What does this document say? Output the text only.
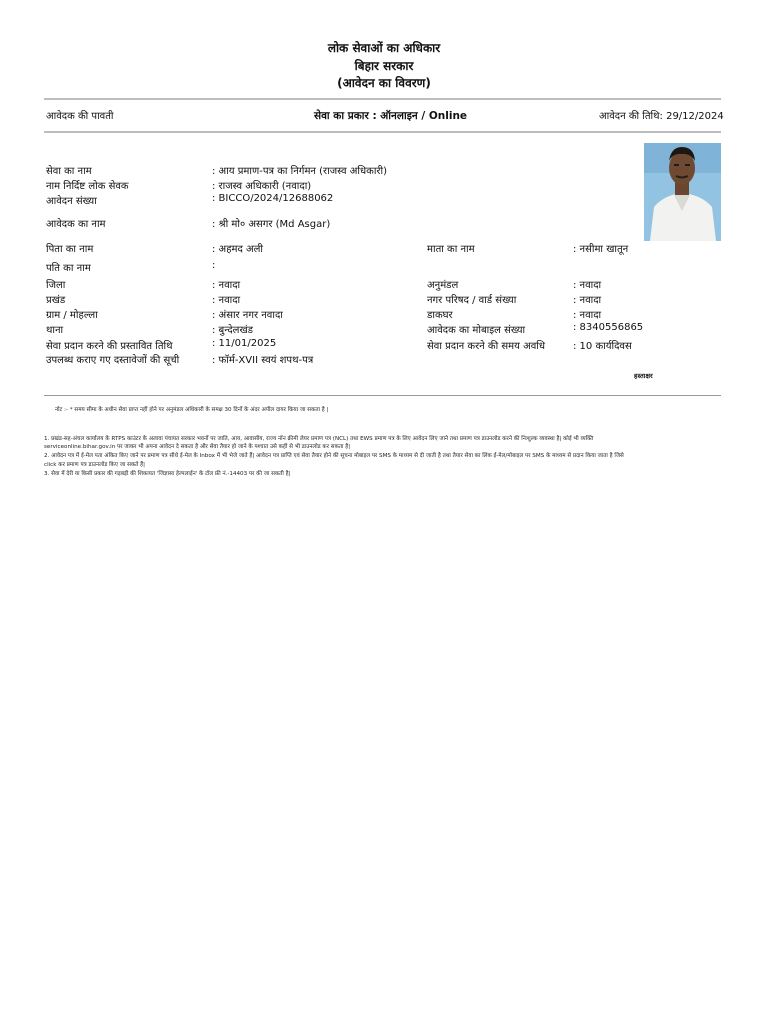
लोक सेवाओं का अधिकार
बिहार सरकार
(आवेदन का विवरण)
आवेदक की पावती	सेवा का प्रकार : ऑनलाइन / Online	आवेदन की तिथि: 29/12/2024
सेवा का नाम	: आय प्रमाण-पत्र का निर्गमन (राजस्व अधिकारी)
नाम निर्दिष्ट लोक सेवक	: राजस्व अधिकारी (नवादा)
आवेदन संख्या	: BICCO/2024/12688062
आवेदक का नाम	: श्री मो० असगर (Md Asgar)
पिता का नाम	: अहमद अली	माता का नाम	: नसीमा खातून
पति का नाम	:
जिला	: नवादा	अनुमंडल	: नवादा
प्रखंड	: नवादा	नगर परिषद / वार्ड संख्या	: नवादा
ग्राम / मोहल्ला	: अंसार नगर नवादा	डाकघर	: नवादा
थाना	: बुन्देलखंड	आवेदक का मोबाइल संख्या	: 8340556865
सेवा प्रदान करने की प्रस्तावित तिथि	: 11/01/2025	सेवा प्रदान करने की समय अवधि	: 10 कार्यदिवस
उपलब्ध कराए गए दस्तावेजों की सूची	: फॉर्म-XVII स्वयं शपथ-पत्र
हस्ताक्षर
नोट :- * समय सीमा के अधीन सेवा प्राप्त नहीं होने पर अनुमंडल अधिकारी के समक्ष 30 दिनों के अंदर अपील दायर किया जा सकता है |
1. प्रखंड-सह-अंचल कार्यालय के RTPS काउंटर के अलावा पंचायत सरकार भवनों पर जाति, आय, आवासीय, राज्य नॉन क्रीमी लेयर प्रमाण पत्र (NCL) तथा EWS प्रमाण पत्र के लिए आवेदन लिए जाने तथा प्रमाण पत्र डाउनलोड करने की निःशुल्क व्यवस्था है| कोई भी व्यक्ति
serviceonline.bihar.gov.in पर जाकर भी अपना आवेदन दे सकता है और सेवा तैयार हो जाने के पश्चात उसे कहीं से भी डाउनलोड कर सकता है|
2. आवेदन पत्र में ई-मेल पता अंकित किए जाने पर प्रमाण पत्र सीधे ई-मेल के Inbox में भी भेजे जाते हैं| आवेदन पत्र प्राप्ति एवं सेवा तैयार होने की सूचना मोबाइल पर SMS के माध्यम से दी जाती है तथा तैयार सेवा का लिंक ई-मेल/मोबाइल पर SMS के माध्यम से प्रदान किया जाता है जिसे
click कर प्रमाण पत्र डाउनलोड किए जा सकते हैं|
3. सेवा में देरी या किसी प्रकार की गड़बड़ी की शिकायत 'जिज्ञासा हेल्पलाईन' के टॉल फ्री नं.-14403 पर की जा सकती है|
